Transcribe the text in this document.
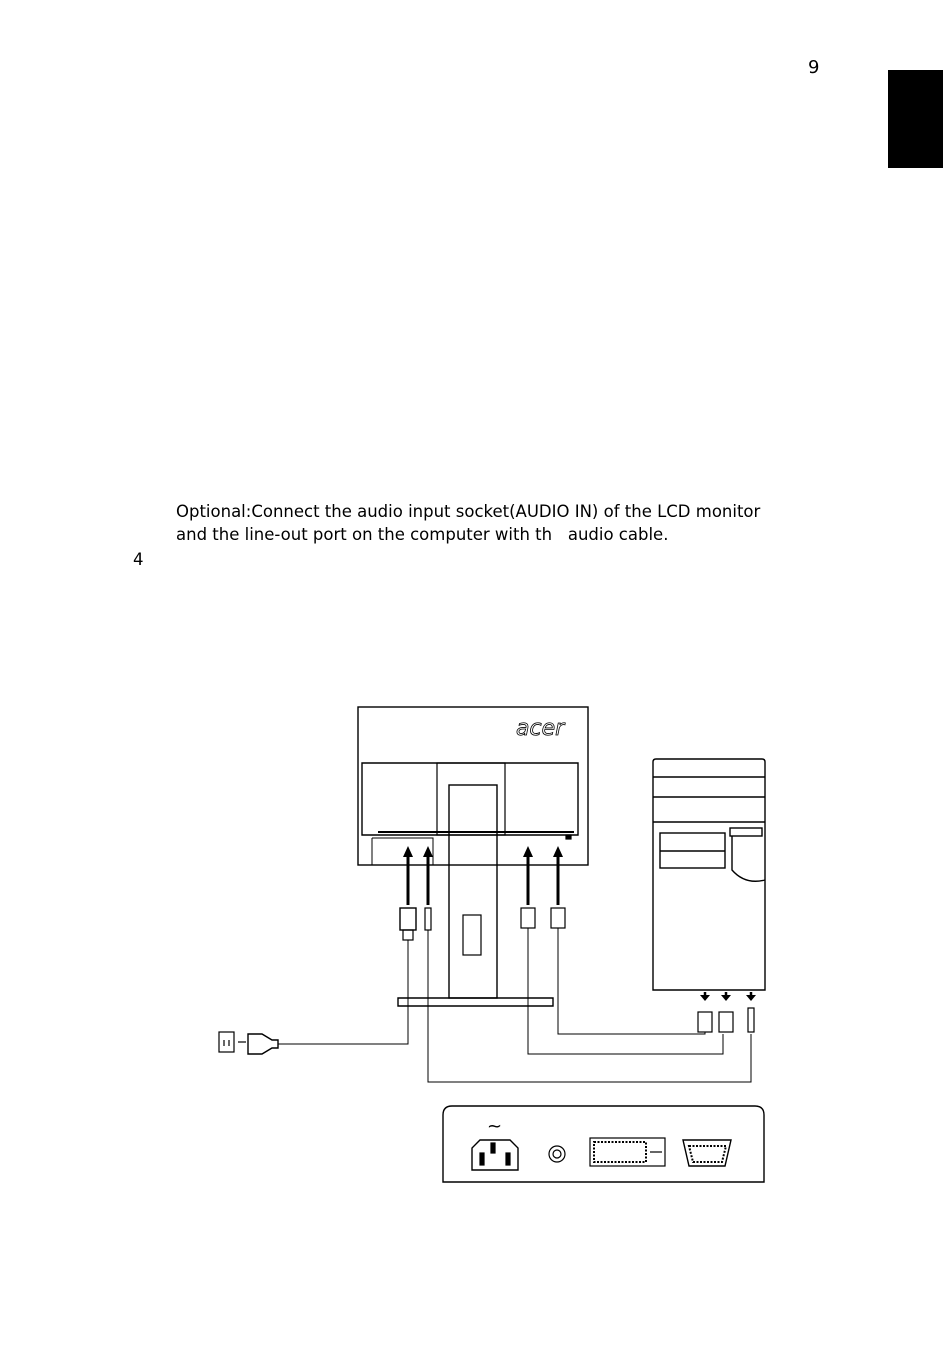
9
Optional:Connect the audio input socket(AUDIO IN) of the LCD monitor
and the line-out port on the computer with th   audio cable.
4
acer
~
